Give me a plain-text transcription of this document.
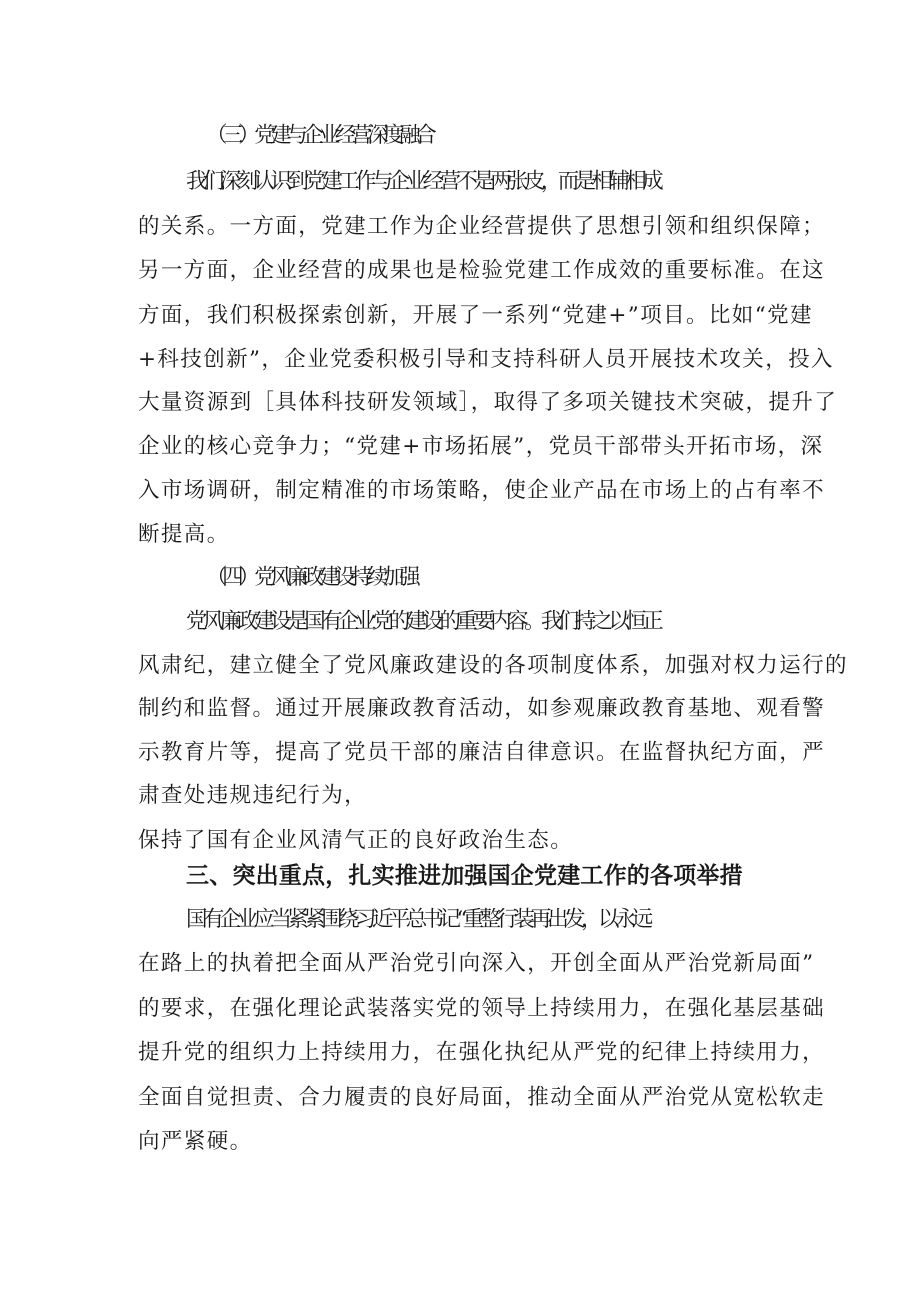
（三）党建与企业经营深度融合
我们深刻认识到党建工作与企业经营不是两张皮，而是相辅相成
的关系。一方面，党建工作为企业经营提供了思想引领和组织保障；
另一方面，企业经营的成果也是检验党建工作成效的重要标准。在这
方面，我们积极探索创新，开展了一系列“党建+”项目。比如“党建
+科技创新”，企业党委积极引导和支持科研人员开展技术攻关，投入
大量资源到［具体科技研发领域］，取得了多项关键技术突破，提升了
企业的核心竞争力；“党建+市场拓展”，党员干部带头开拓市场，深
入市场调研，制定精准的市场策略，使企业产品在市场上的占有率不
断提高。
（四）党风廉政建设持续加强
党风廉政建设是国有企业党的建设的重要内容。我们持之以恒正
风肃纪，建立健全了党风廉政建设的各项制度体系，加强对权力运行的
制约和监督。通过开展廉政教育活动，如参观廉政教育基地、观看警
示教育片等，提高了党员干部的廉洁自律意识。在监督执纪方面，严
肃查处违规违纪行为，
保持了国有企业风清气正的良好政治生态。
三、突出重点，扎实推进加强国企党建工作的各项举措
国有企业应当紧紧围绕习近平总书记“重整行装再出发，以永远
在路上的执着把全面从严治党引向深入，开创全面从严治党新局面”
的要求，在强化理论武装落实党的领导上持续用力，在强化基层基础
提升党的组织力上持续用力，在强化执纪从严党的纪律上持续用力，
全面自觉担责、合力履责的良好局面，推动全面从严治党从宽松软走
向严紧硬。
